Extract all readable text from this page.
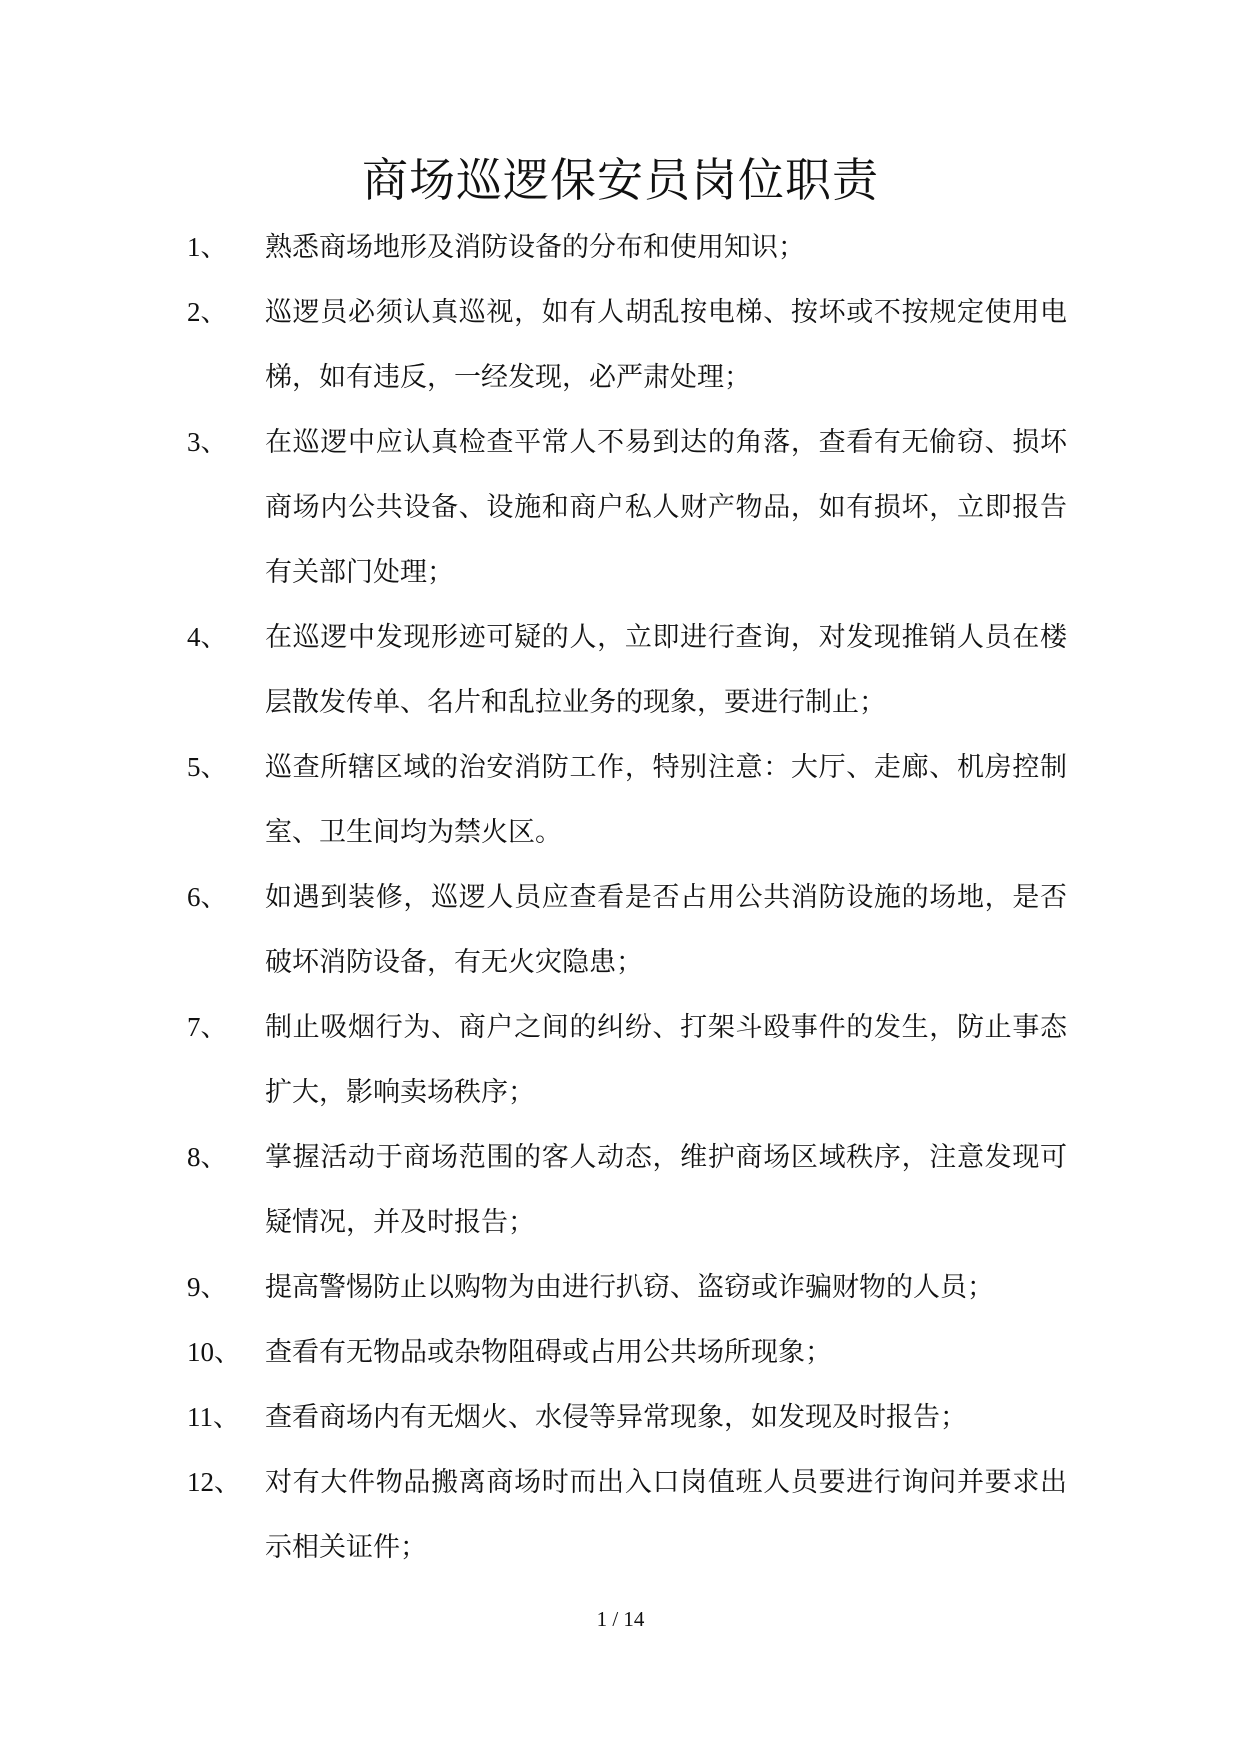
商场巡逻保安员岗位职责
1、 熟悉商场地形及消防设备的分布和使用知识；
2、 巡逻员必须认真巡视，如有人胡乱按电梯、按坏或不按规定使用电梯，如有违反，一经发现，必严肃处理；
3、 在巡逻中应认真检查平常人不易到达的角落，查看有无偷窃、损坏商场内公共设备、设施和商户私人财产物品，如有损坏，立即报告有关部门处理；
4、 在巡逻中发现形迹可疑的人，立即进行查询，对发现推销人员在楼层散发传单、名片和乱拉业务的现象，要进行制止；
5、 巡查所辖区域的治安消防工作，特别注意：大厅、走廊、机房控制室、卫生间均为禁火区。
6、 如遇到装修，巡逻人员应查看是否占用公共消防设施的场地，是否破坏消防设备，有无火灾隐患；
7、 制止吸烟行为、商户之间的纠纷、打架斗殴事件的发生，防止事态扩大，影响卖场秩序；
8、 掌握活动于商场范围的客人动态，维护商场区域秩序，注意发现可疑情况，并及时报告；
9、 提高警惕防止以购物为由进行扒窃、盗窃或诈骗财物的人员；
10、 查看有无物品或杂物阻碍或占用公共场所现象；
11、 查看商场内有无烟火、水侵等异常现象，如发现及时报告；
12、 对有大件物品搬离商场时而出入口岗值班人员要进行询问并要求出示相关证件；
1 / 14
